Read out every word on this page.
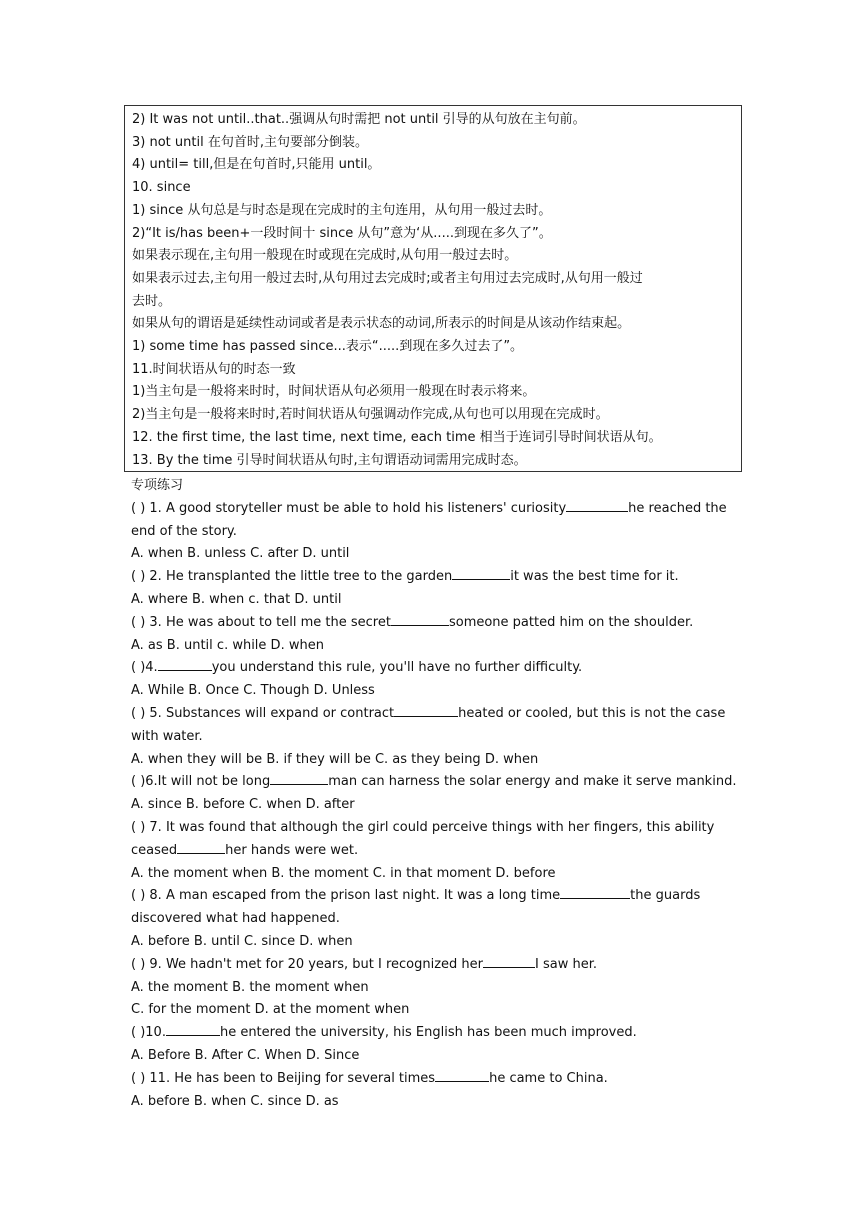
2) It was not until..that..强调从句时需把 not until 引导的从句放在主句前。
3) not until 在句首时,主句要部分倒装。
4) until= till,但是在句首时,只能用 until。
10. since
1) since 从句总是与时态是现在完成时的主句连用，从句用一般过去时。
2)“It is/has been+一段时间十 since 从句”意为‘从.....到现在多久了”。
如果表示现在,主句用一般现在时或现在完成时,从句用一般过去时。
如果表示过去,主句用一般过去时,从句用过去完成时;或者主句用过去完成时,从句用一般过
去时。
如果从句的谓语是延续性动词或者是表示状态的动词,所表示的时间是从该动作结束起。
1) some time has passed since...表示“.....到现在多久过去了”。
11.时间状语从句的时态一致
1)当主句是一般将来时时，时间状语从句必须用一般现在时表示将来。
2)当主句是一般将来时时,若时间状语从句强调动作完成,从句也可以用现在完成时。
12. the first time, the last time, next time, each time 相当于连词引导时间状语从句。
13. By the time 引导时间状语从句时,主句谓语动词需用完成时态。
专项练习
( ) 1. A good storyteller must be able to hold his listeners' curiosity	he reached the
end of the story.
A. when B. unless C. after D. until
( ) 2. He transplanted the little tree to the garden	it was the best time for it.
A. where B. when c. that D. until
( ) 3. He was about to tell me the secret	someone patted him on the shoulder.
A. as B. until c. while D. when
( )4.	you understand this rule, you'll have no further difficulty.
A. While B. Once C. Though D. Unless
( ) 5. Substances will expand or contract	heated or cooled, but this is not the case
with water.
A. when they will be B. if they will be C. as they being D. when
( )6.It will not be long	man can harness the solar energy and make it serve mankind.
A. since B. before C. when D. after
( ) 7. It was found that although the girl could perceive things with her fingers, this ability
ceased	her hands were wet.
A. the moment when B. the moment C. in that moment D. before
( ) 8. A man escaped from the prison last night. It was a long time	the guards
discovered what had happened.
A. before B. until C. since D. when
( ) 9. We hadn't met for 20 years, but I recognized her	I saw her.
A. the moment B. the moment when
C. for the moment D. at the moment when
( )10.	he entered the university, his English has been much improved.
A. Before B. After C. When D. Since
( ) 11. He has been to Beijing for several times	he came to China.
A. before B. when C. since D. as
